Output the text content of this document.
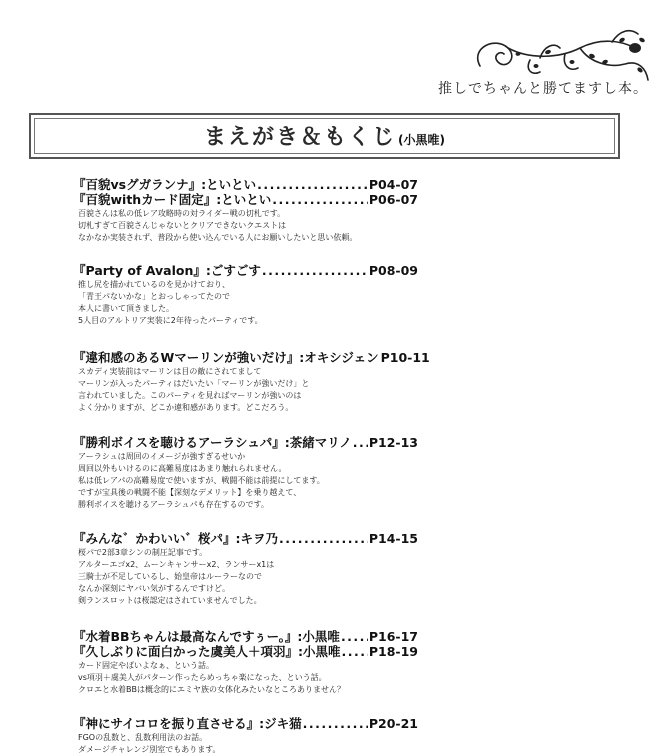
推しでちゃんと勝てますし本。
まえがき＆もくじ (小黒唯)
『百貌vsグガランナ』:といとい .....	P04-07
『百貌withカード固定』:といとい .....	P06-07
百貌さんは私の低レア攻略時の対ライダー戦の切札です。
切札すぎて百貌さんじゃないとクリアできないクエストは
なかなか実装されず、普段から使い込んでいる人にお願いしたいと思い依頼。
『Party of Avalon』:ごすごす .....	P08-09
推し尻を描かれているのを見かけており、
「青王パないかな」とおっしゃってたので
本人に書いて頂きました。
5人目のアルトリア実装に2年待ったパーティです。
『違和感のあるWマーリンが強いだけ』:オキシジェン P10-11
スカディ実装前はマーリンは目の敵にされてまして
マーリンが入ったパーティはだいたい「マーリンが強いだけ」と
言われていました。このパーティを見ればマーリンが強いのは
よく分かりますが、どこか違和感があります。どこだろう。
『勝利ボイスを聴けるアーラシュパ』:茶緒マリノ ..... P12-13
アーラシュは周回のイメージが強すぎるせいか
周回以外もいけるのに高難易度はあまり触れられません。
私は低レアパの高難易度で使いますが、戦闘不能は前提にしてます。
ですが宝具後の戦闘不能【深刻なデメリット】を乗り越えて、
勝利ボイスを聴けるアーラシュパも存在するのです。
『みんな゛かわいい゛桜パ』:キヲ乃 .....	P14-15
桜パで2部3章シンの制圧記事です。
アルターエゴx2、ムーンキャンサーx2、ランサーx1は
三騎士が不足しているし、始皇帝はルーラーなので
なんか深刻にヤバい気がするんですけど。
剣ランスロットは桜認定はされていませんでした。
『水着BBちゃんは最高なんですぅー。』:小黒唯 ..... P16-17
『久しぶりに面白かった虞美人＋項羽』:小黒唯 ..... P18-19
カード固定やばいよなぁ、という話。
vs項羽＋虞美人がパターン作ったらめっちゃ楽になった、という話。
クロエと水着BBは概念的にエミヤ族の女体化みたいなところありません？
『神にサイコロを振り直させる』:ジキ猫 .....	P20-21
FGOの乱数と、乱数利用法のお話。
ダメージチャレンジ別室でもあります。
